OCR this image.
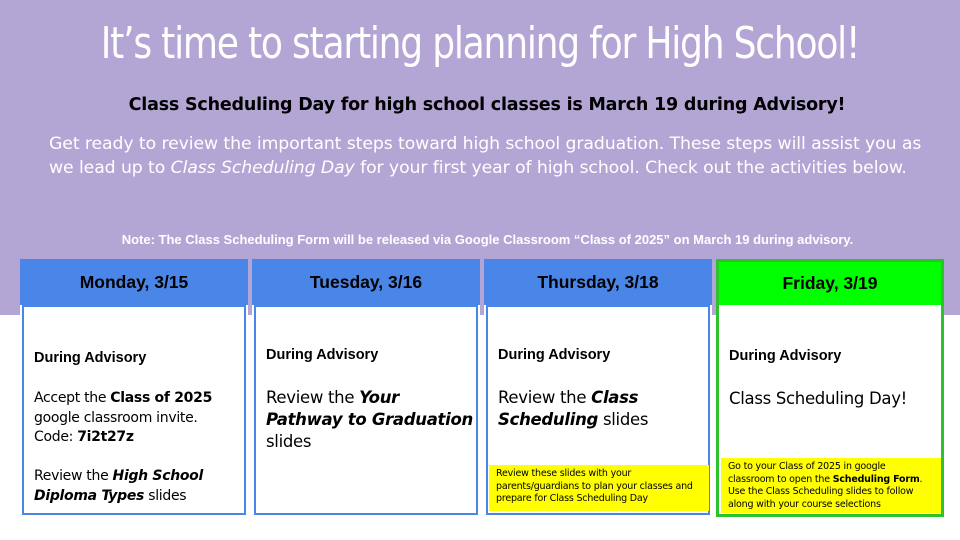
It’s time to starting planning for High School!
Class Scheduling Day for high school classes is March 19 during Advisory!
Get ready to review the important steps toward high school graduation. These steps will assist you as we lead up to Class Scheduling Day for your first year of high school. Check out the activities below.
Note: The Class Scheduling Form will be released via Google Classroom “Class of 2025” on March 19 during advisory.
Monday, 3/15
During Advisory
Accept the Class of 2025 google classroom invite.
Code: 7i2t27z
Review the High School Diploma Types slides
Tuesday, 3/16
During Advisory
Review the Your Pathway to Graduation slides
Thursday, 3/18
During Advisory
Review the Class Scheduling slides
Review these slides with your parents/guardians to plan your classes and prepare for Class Scheduling Day
Friday, 3/19
During Advisory
Class Scheduling Day!
Go to your Class of 2025 in google classroom to open the Scheduling Form. Use the Class Scheduling slides to follow along with your course selections
